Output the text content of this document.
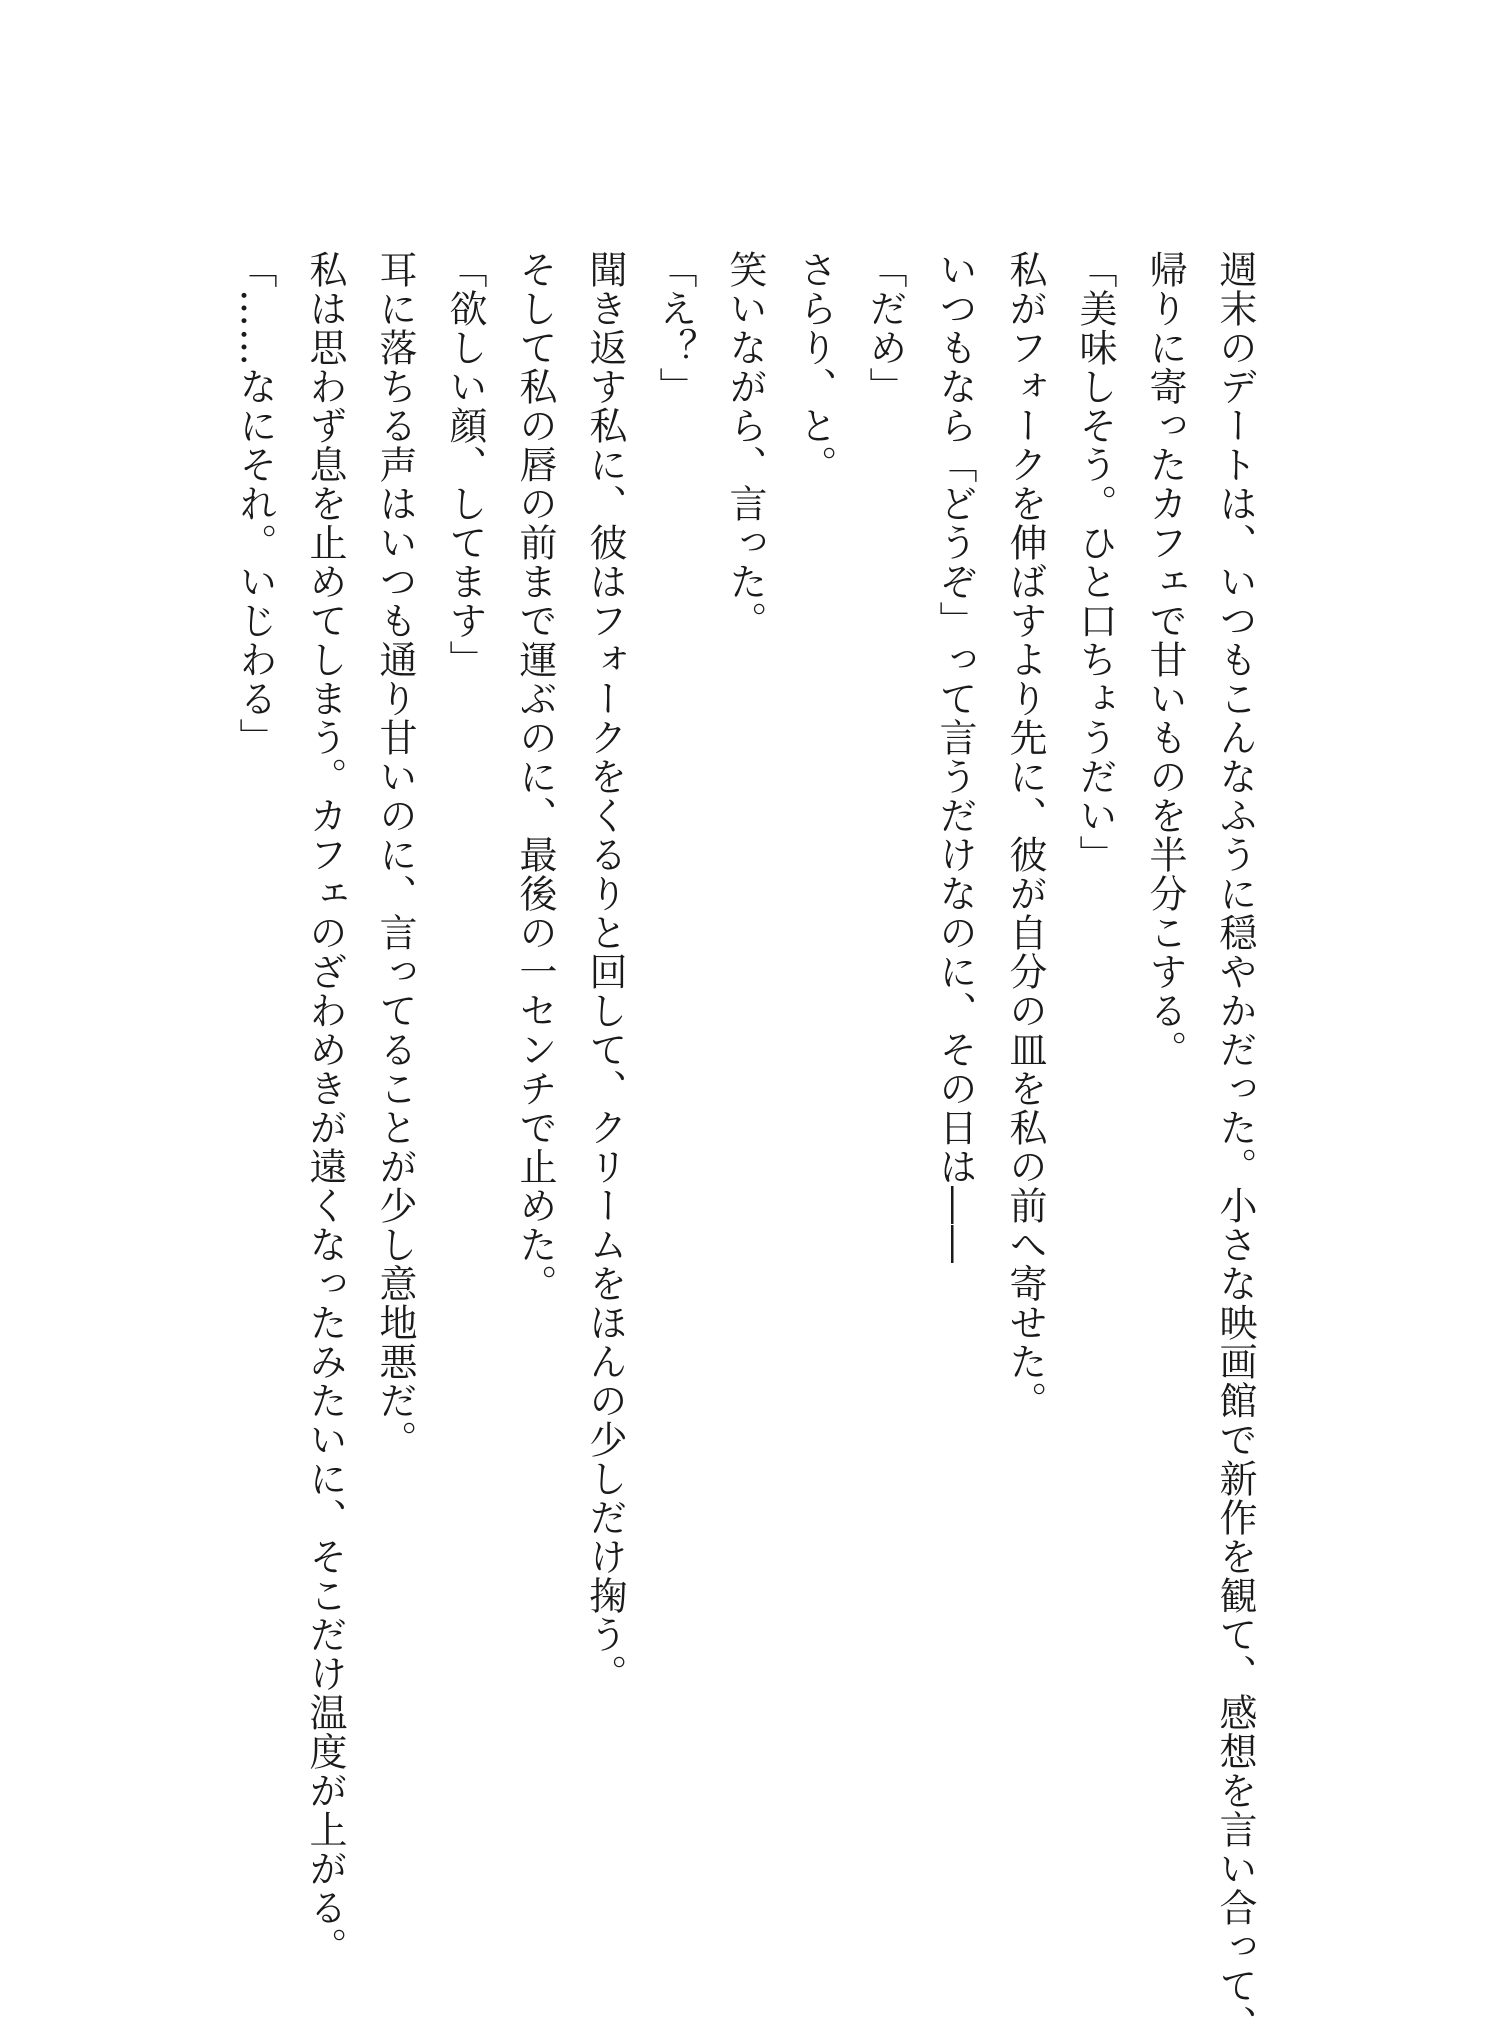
週末のデートは、いつもこんなふうに穏やかだった。小さな映画館で新作を観て、感想を言い合って、

帰りに寄ったカフェで甘いものを半分こする。

「美味しそう。ひと口ちょうだい」

私がフォークを伸ばすより先に、彼が自分の皿を私の前へ寄せた。

いつもなら「どうぞ」って言うだけなのに、その日は――

「だめ」

さらり、と。

笑いながら、言った。

「え？」

聞き返す私に、彼はフォークをくるりと回して、クリームをほんの少しだけ掬う。

そして私の唇の前まで運ぶのに、最後の一センチで止めた。

「欲しい顔、してます」

耳に落ちる声はいつも通り甘いのに、言ってることが少し意地悪だ。

私は思わず息を止めてしまう。カフェのざわめきが遠くなったみたいに、そこだけ温度が上がる。

「……なにそれ。いじわる」
